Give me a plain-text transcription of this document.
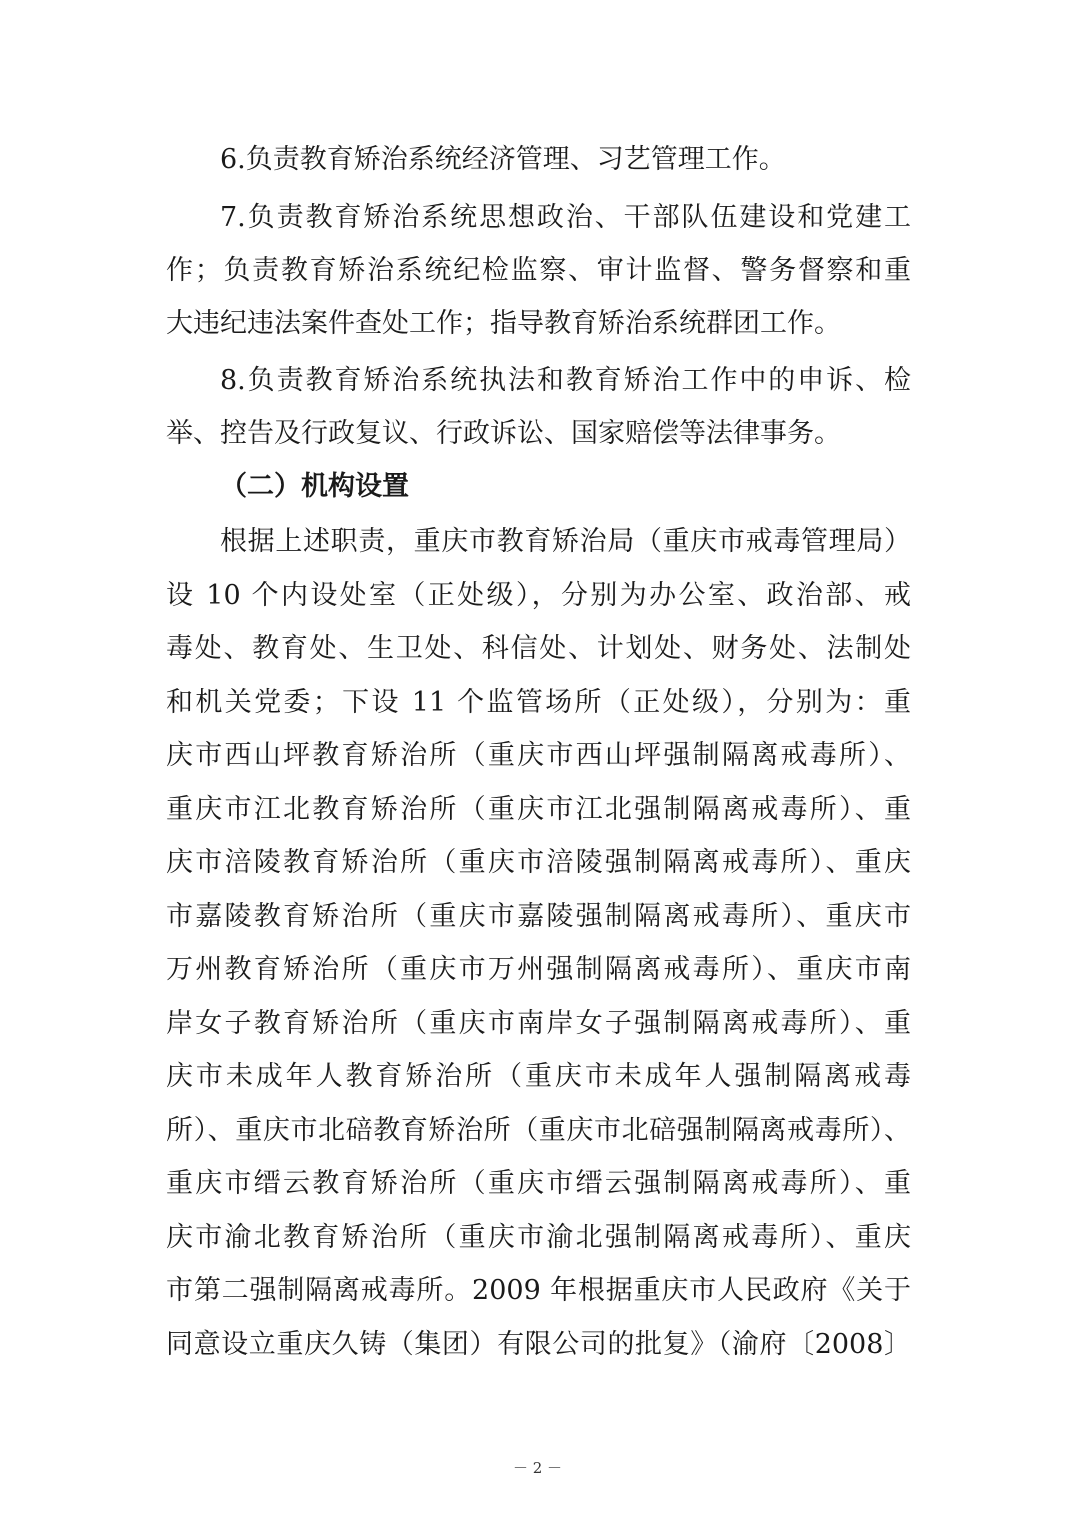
6.负责教育矫治系统经济管理、习艺管理工作。
7.负责教育矫治系统思想政治、干部队伍建设和党建工
作；负责教育矫治系统纪检监察、审计监督、警务督察和重
大违纪违法案件查处工作；指导教育矫治系统群团工作。
8.负责教育矫治系统执法和教育矫治工作中的申诉、检
举、控告及行政复议、行政诉讼、国家赔偿等法律事务。
（二）机构设置
根据上述职责，重庆市教育矫治局（重庆市戒毒管理局）
设 10 个内设处室（正处级），分别为办公室、政治部、戒
毒处、教育处、生卫处、科信处、计划处、财务处、法制处
和机关党委；下设 11 个监管场所（正处级），分别为：重
庆市西山坪教育矫治所（重庆市西山坪强制隔离戒毒所）、
重庆市江北教育矫治所（重庆市江北强制隔离戒毒所）、重
庆市涪陵教育矫治所（重庆市涪陵强制隔离戒毒所）、重庆
市嘉陵教育矫治所（重庆市嘉陵强制隔离戒毒所）、重庆市
万州教育矫治所（重庆市万州强制隔离戒毒所）、重庆市南
岸女子教育矫治所（重庆市南岸女子强制隔离戒毒所）、重
庆市未成年人教育矫治所（重庆市未成年人强制隔离戒毒
所）、重庆市北碚教育矫治所（重庆市北碚强制隔离戒毒所）、
重庆市缙云教育矫治所（重庆市缙云强制隔离戒毒所）、重
庆市渝北教育矫治所（重庆市渝北强制隔离戒毒所）、重庆
市第二强制隔离戒毒所。2009 年根据重庆市人民政府《关于
同意设立重庆久铸（集团）有限公司的批复》（渝府〔2008〕
－ 2 －
